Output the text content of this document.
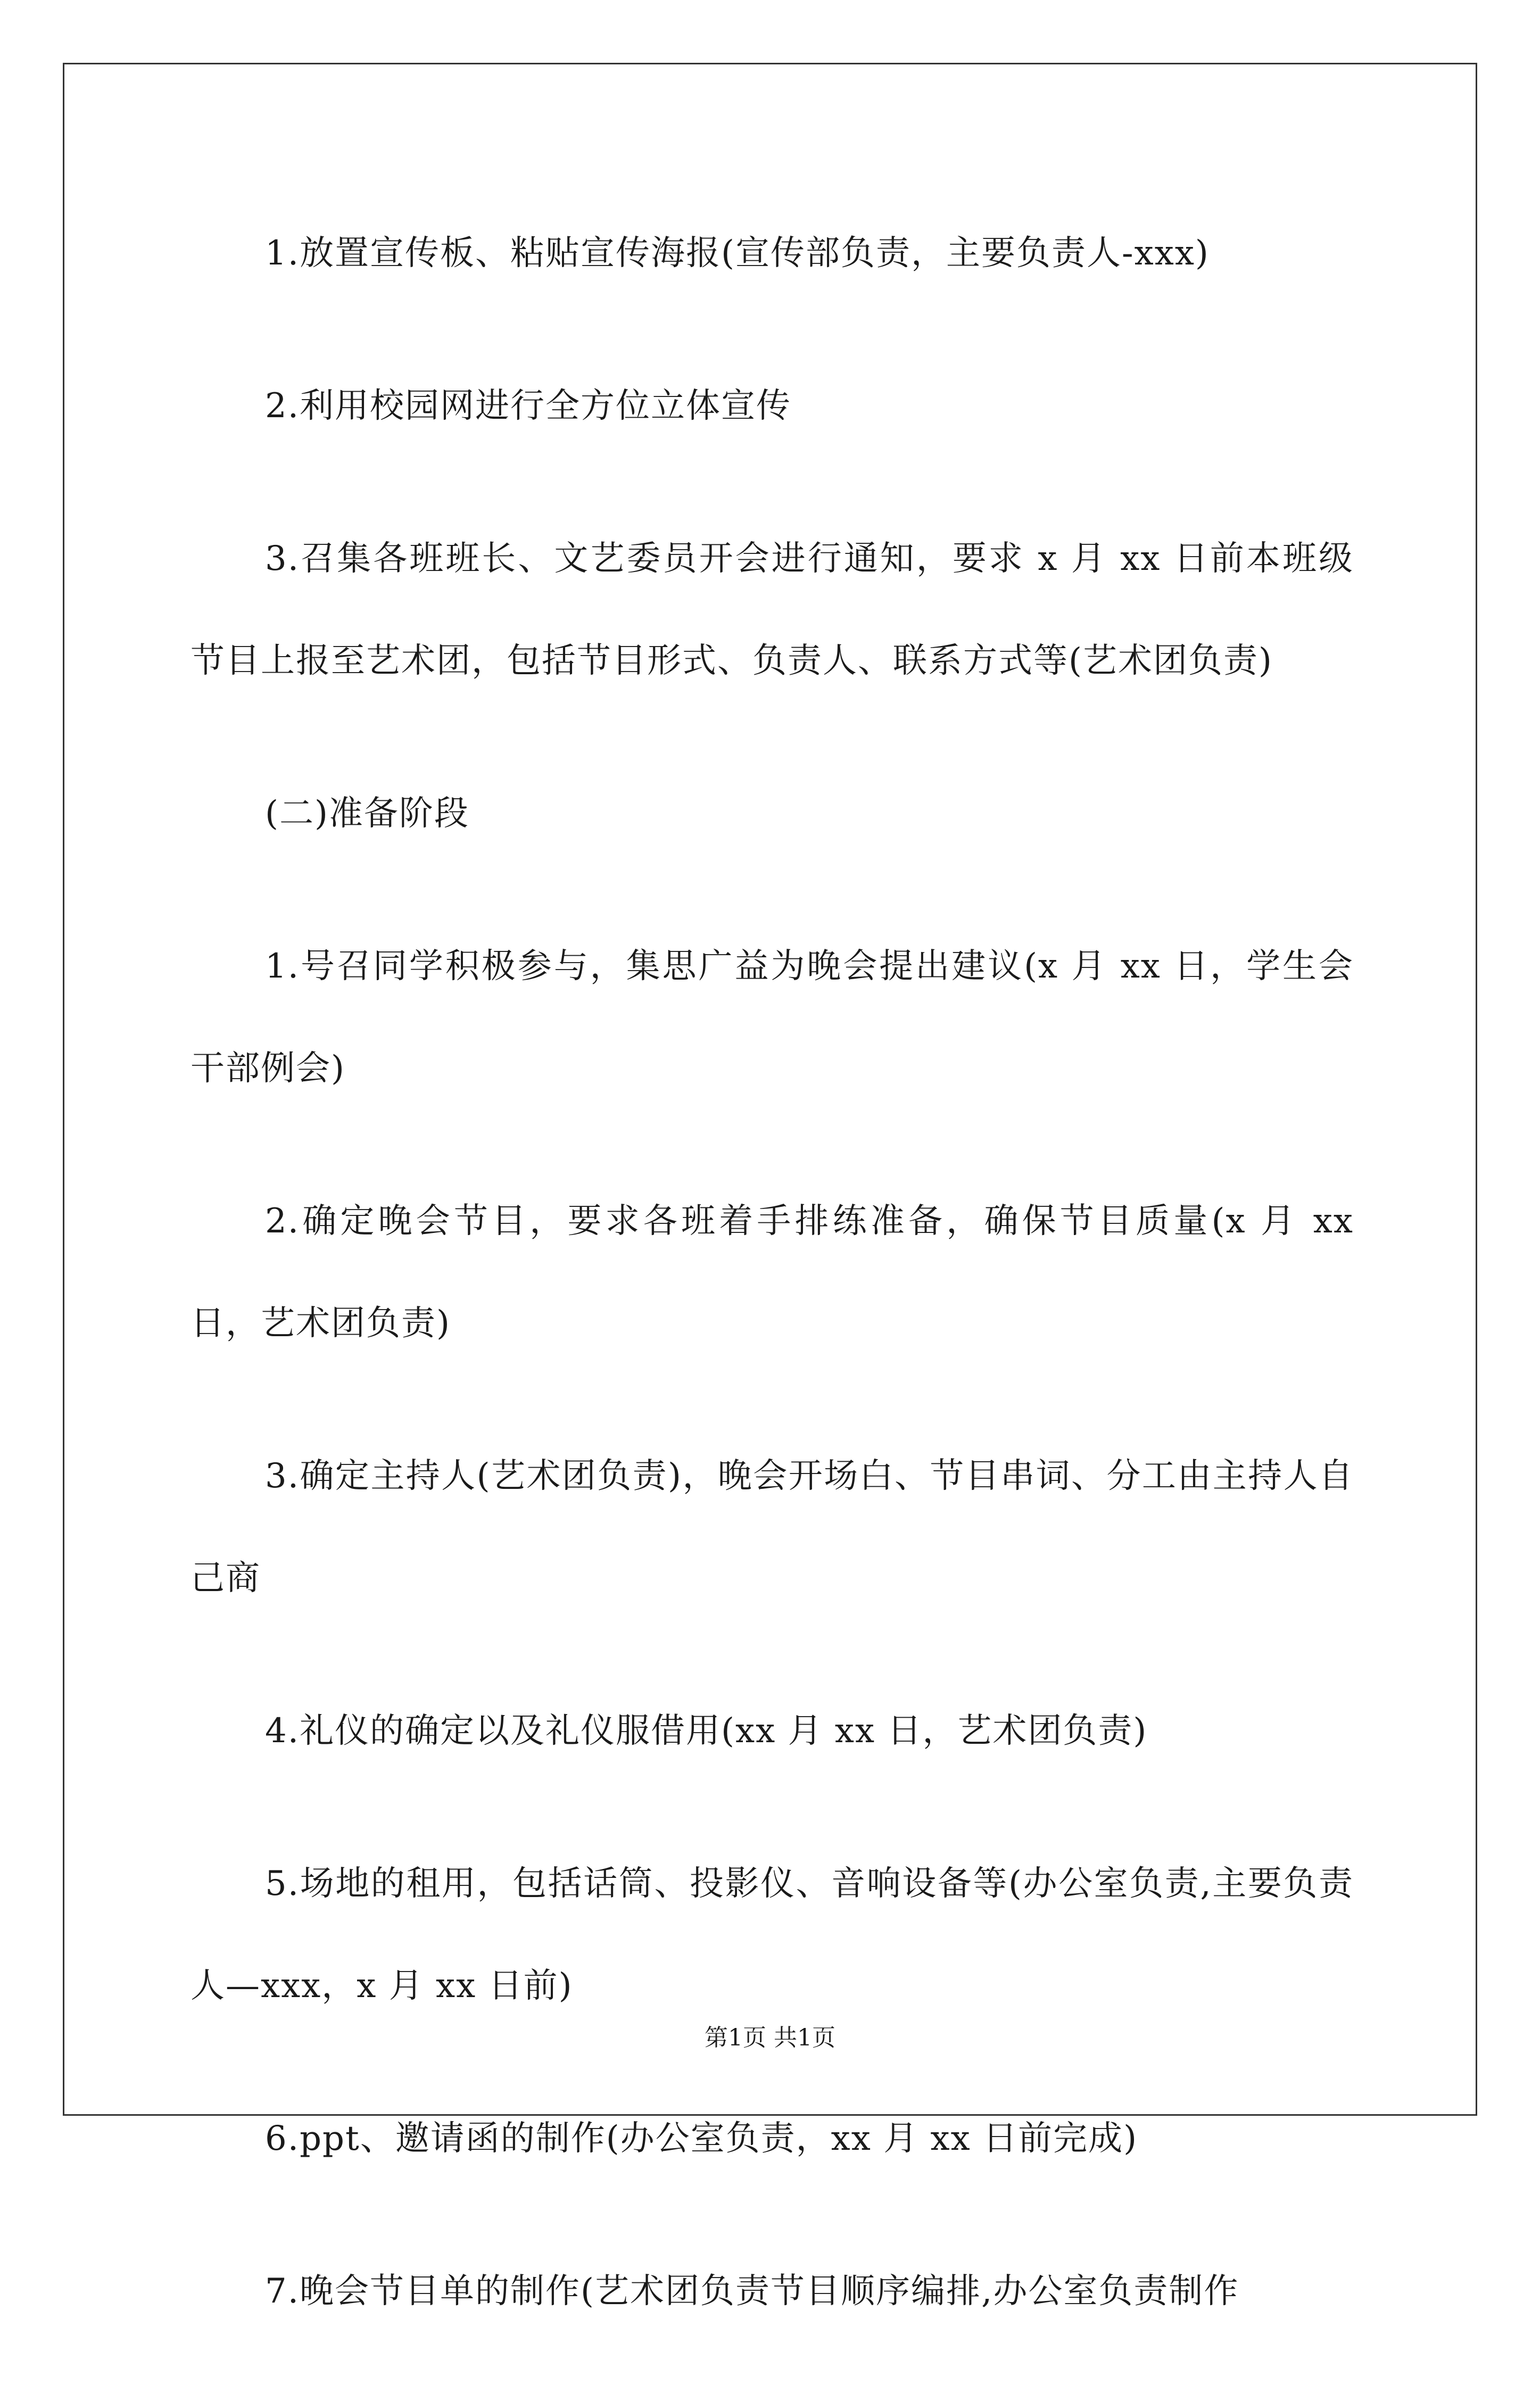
1.放置宣传板、粘贴宣传海报(宣传部负责，主要负责人-xxx)

2.利用校园网进行全方位立体宣传

3.召集各班班长、文艺委员开会进行通知，要求 x 月 xx 日前本班级节目上报至艺术团，包括节目形式、负责人、联系方式等(艺术团负责)

(二)准备阶段

1.号召同学积极参与，集思广益为晚会提出建议(x 月 xx 日，学生会干部例会)

2.确定晚会节目，要求各班着手排练准备，确保节目质量(x 月 xx 日，艺术团负责)

3.确定主持人(艺术团负责)，晚会开场白、节目串词、分工由主持人自己商

4.礼仪的确定以及礼仪服借用(xx 月 xx 日，艺术团负责)

5.场地的租用，包括话筒、投影仪、音响设备等(办公室负责,主要负责人—xxx，x 月 xx 日前)

6.ppt、邀请函的制作(办公室负责，xx 月 xx 日前完成)

7.晚会节目单的制作(艺术团负责节目顺序编排,办公室负责制作

第1页 共1页
